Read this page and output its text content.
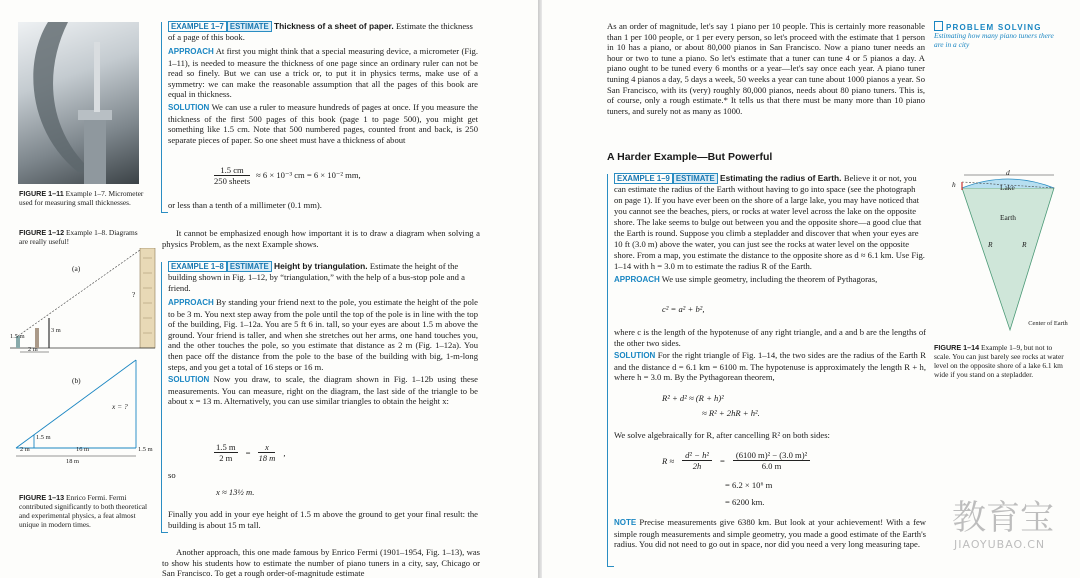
FIGURE 1–11 Example 1–7. Micrometer used for measuring small thicknesses.
FIGURE 1–12 Example 1–8. Diagrams are really useful!
(a)
1.5 m
3 m
2 m
?
(b)
x = ?
1.5 m
2 m	16 m
18 m
1.5 m
FIGURE 1–13 Enrico Fermi. Fermi contributed significantly to both theoretical and experimental physics, a feat almost unique in modern times.
EXAMPLE 1–7 ESTIMATE Thickness of a sheet of paper. Estimate the thickness of a page of this book.
APPROACH At first you might think that a special measuring device, a micrometer (Fig. 1–11), is needed to measure the thickness of one page since an ordinary ruler can not be read so finely. But we can use a trick or, to put it in physics terms, make use of a symmetry: we can make the reasonable assumption that all the pages of this book are equal in thickness.
SOLUTION We can use a ruler to measure hundreds of pages at once. If you measure the thickness of the first 500 pages of this book (page 1 to page 500), you might get something like 1.5 cm. Note that 500 numbered pages, counted front and back, is 250 separate pieces of paper. So one sheet must have a thickness of about
1.5 cm
250 sheets
≈ 6 × 10⁻³ cm = 6 × 10⁻² mm,
or less than a tenth of a millimeter (0.1 mm).
It cannot be emphasized enough how important it is to draw a diagram when solving a physics Problem, as the next Example shows.
EXAMPLE 1–8 ESTIMATE Height by triangulation. Estimate the height of the building shown in Fig. 1–12, by “triangulation,” with the help of a bus-stop pole and a friend.
APPROACH By standing your friend next to the pole, you estimate the height of the pole to be 3 m. You next step away from the pole until the top of the pole is in line with the top of the building, Fig. 1–12a. You are 5 ft 6 in. tall, so your eyes are about 1.5 m above the ground. Your friend is taller, and when she stretches out her arms, one hand touches you, and the other touches the pole, so you estimate that distance as 2 m (Fig. 1–12a). You then pace off the distance from the pole to the base of the building with big, 1-m-long steps, and you get a total of 16 steps or 16 m.
SOLUTION Now you draw, to scale, the diagram shown in Fig. 1–12b using these measurements. You can measure, right on the diagram, the last side of the triangle to be about x = 13 m. Alternatively, you can use similar triangles to obtain the height x:
$\frac{1.5 m}{2 m} = \frac{x}{18 m}$ ,
so
x ≈ 13½ m.
Finally you add in your eye height of 1.5 m above the ground to get your final result: the building is about 15 m tall.
Another approach, this one made famous by Enrico Fermi (1901–1954, Fig. 1–13), was to show his students how to estimate the number of piano tuners in a city, say, Chicago or San Francisco. To get a rough order-of-magnitude estimate
As an order of magnitude, let's say 1 piano per 10 people. This is certainly more reasonable than 1 per 100 people, or 1 per every person, so let's proceed with the estimate that 1 person in 10 has a piano, or about 80,000 pianos in San Francisco. Now a piano tuner needs an hour or two to tune a piano. So let's estimate that a tuner can tune 4 or 5 pianos a day. A piano ought to be tuned every 6 months or a year—let's say once each year. A piano tuner tuning 4 pianos a day, 5 days a week, 50 weeks a year can tune about 1000 pianos a year. So San Francisco, with its (very) roughly 80,000 pianos, needs about 80 piano tuners. This is, of course, only a rough estimate.* It tells us that there must be many more than 10 piano tuners, and surely not as many as 1000.
PROBLEM SOLVING
Estimating how many piano tuners there are in a city
A Harder Example—But Powerful
EXAMPLE 1–9 ESTIMATE Estimating the radius of Earth. Believe it or not, you can estimate the radius of the Earth without having to go into space (see the photograph on page 1). If you have ever been on the shore of a large lake, you may have noticed that you cannot see the beaches, piers, or rocks at water level across the lake on the opposite shore. The lake seems to bulge out between you and the opposite shore—a good clue that the Earth is round. Suppose you climb a stepladder and discover that when your eyes are 10 ft (3.0 m) above the water, you can just see the rocks at water level on the opposite shore. From a map, you estimate the distance to the opposite shore as d ≈ 6.1 km. Use Fig. 1–14 with h = 3.0 m to estimate the radius R of the Earth.
APPROACH We use simple geometry, including the theorem of Pythagoras,
c² = a² + b²,
where c is the length of the hypotenuse of any right triangle, and a and b are the lengths of the other two sides.
SOLUTION For the right triangle of Fig. 1–14, the two sides are the radius of the Earth R and the distance d = 6.1 km = 6100 m. The hypotenuse is approximately the length R + h, where h = 3.0 m. By the Pythagorean theorem,
R² + d² ≈ (R + h)²
≈ R² + 2hR + h².
We solve algebraically for R, after cancelling R² on both sides:
$R \approx \frac{\text{d² − h²}}{2h} = \frac{\text{(6100 m)² − (3.0 m)²}}{6.0 m}$
= 6.2 × 10⁶ m
= 6200 km.
NOTE Precise measurements give 6380 km. But look at your achievement! With a few simple rough measurements and simple geometry, you made a good estimate of the Earth's radius. You did not need to go out in space, nor did you need a very long measuring tape.
d
h	Lake
Earth
R	R
Center of Earth
FIGURE 1–14 Example 1–9, but not to scale. You can just barely see rocks at water level on the opposite shore of a lake 6.1 km wide if you stand on a stepladder.
教育宝
JIAOYUBAO.CN
